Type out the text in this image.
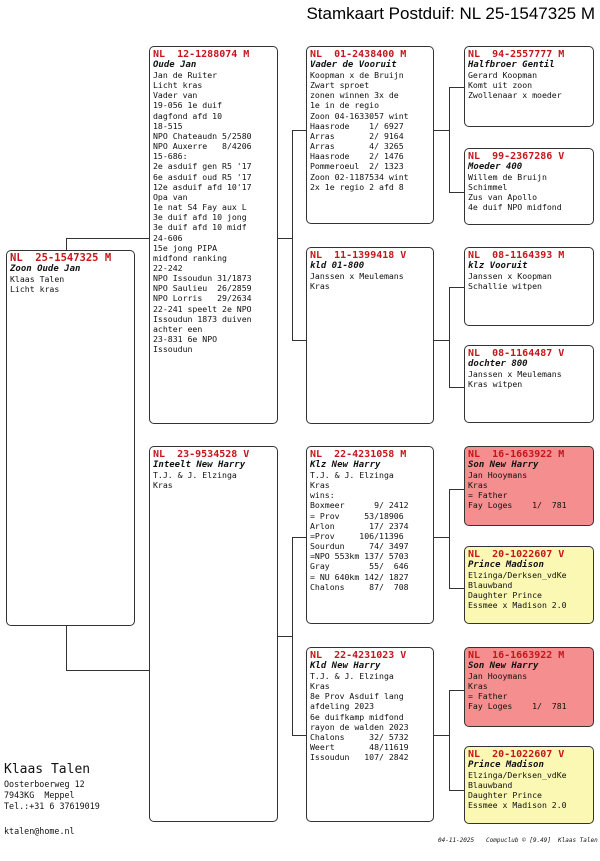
Stamkaart Postduif: NL 25-1547325 M
NL  25-1547325 M
Zoon Oude Jan
Klaas Talen
Licht kras
NL  12-1288074 M
Oude Jan
Jan de Ruiter
Licht kras
Vader van
19-056 1e duif
dagfond afd 10
18-515
NPO Chateaudn 5/2580
NPO Auxerre   8/4206
15-686:
2e asduif gen R5 '17
6e asduif oud R5 '17
12e asduif afd 10'17
Opa van
1e nat S4 Fay aux L
3e duif afd 10 jong
3e duif afd 10 midf
24-606
15e jong PIPA
midfond ranking
22-242
NPO Issoudun 31/1873
NPO Saulieu  26/2859
NPO Lorris   29/2634
22-241 speelt 2e NPO
Issoudun 1873 duiven
achter een
23-831 6e NPO
Issoudun
NL  23-9534528 V
Inteelt New Harry
T.J. & J. Elzinga
Kras
NL  01-2438400 M
Vader de Vooruit
Koopman x de Bruijn
Zwart sproet
zonen winnen 3x de
1e in de regio
Zoon 04-1633057 wint
Haasrode    1/ 6927
Arras       2/ 9164
Arras       4/ 3265
Haasrode    2/ 1476
Pommeroeul  2/ 1323
Zoon 02-1187534 wint
2x 1e regio 2 afd 8
NL  11-1399418 V
kld 01-800
Janssen x Meulemans
Kras
NL  22-4231058 M
Klz New Harry
T.J. & J. Elzinga
Kras
wins:
Boxmeer      9/ 2412
= Prov     53/18906
Arlon       17/ 2374
=Prov     106/11396
Sourdun     74/ 3497
=NPO 553km 137/ 5703
Gray        55/  646
= NU 640km 142/ 1827
Chalons     87/  708
NL  22-4231023 V
Kld New Harry
T.J. & J. Elzinga
Kras
8e Prov Asduif lang
afdeling 2023
6e duifkamp midfond
rayon de walden 2023
Chalons     32/ 5732
Weert       48/11619
Issoudun   107/ 2842
NL  94-2557777 M
Halfbroer Gentil
Gerard Koopman
Komt uit zoon
Zwollenaar x moeder
NL  99-2367286 V
Moeder 400
Willem de Bruijn
Schimmel
Zus van Apollo
4e duif NPO midfond
NL  08-1164393 M
klz Vooruit
Janssen x Koopman
Schallie witpen
NL  08-1164487 V
dochter 800
Janssen x Meulemans
Kras witpen
NL  16-1663922 M
Son New Harry
Jan Hooymans
Kras
= Father
Fay Loges    1/  781
NL  20-1022607 V
Prince Madison
Elzinga/Derksen_vdKe
Blauwband
Daughter Prince
Essmee x Madison 2.0
NL  16-1663922 M
Son New Harry
Jan Hooymans
Kras
= Father
Fay Loges    1/  781
NL  20-1022607 V
Prince Madison
Elzinga/Derksen_vdKe
Blauwband
Daughter Prince
Essmee x Madison 2.0
Klaas Talen
Oosterboerweg 12
7943KG  Meppel
Tel.:+31 6 37619019
ktalen@home.nl
04-11-2025 Compuclub © [9.49] Klaas Talen
